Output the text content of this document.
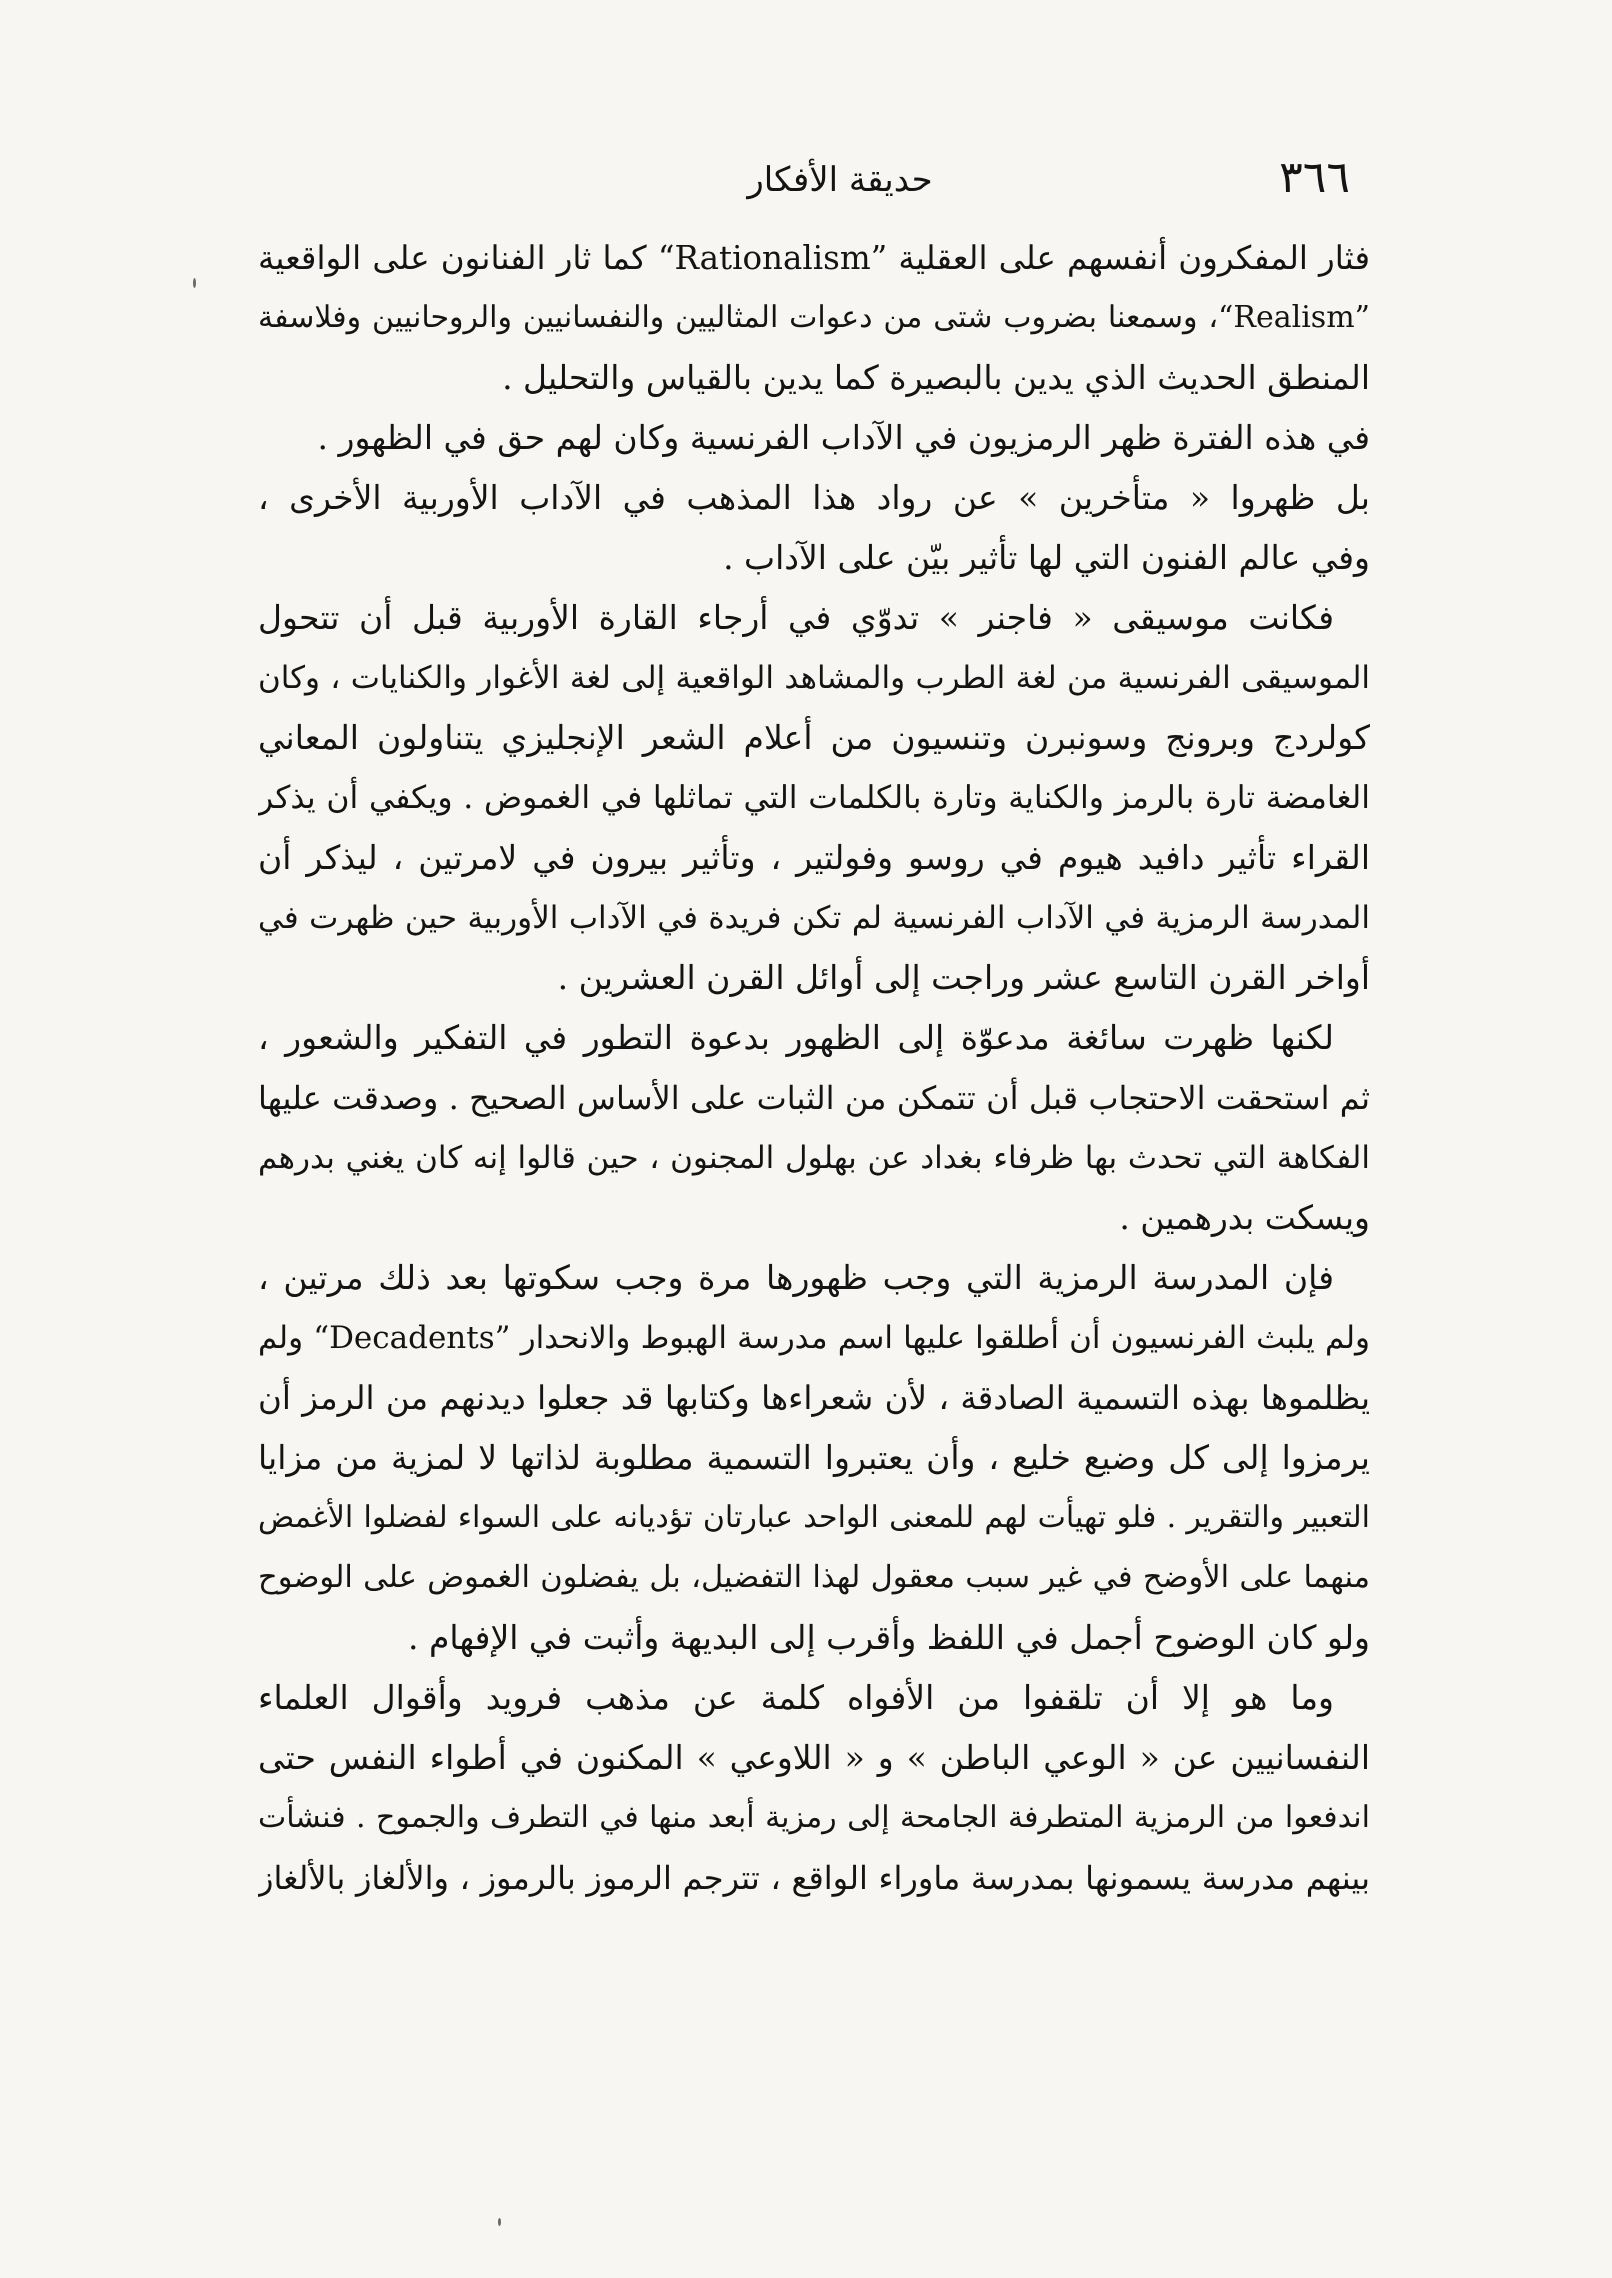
٣٦٦
حديقة الأفكار
فثار المفكرون أنفسهم على العقلية ”Rationalism“ كما ثار الفنانون على الواقعية
”Realism“، وسمعنا بضروب شتى من دعوات المثاليين والنفسانيين والروحانيين وفلاسفة
المنطق الحديث الذي يدين بالبصيرة كما يدين بالقياس والتحليل .
في هذه الفترة ظهر الرمزيون في الآداب الفرنسية وكان لهم حق في الظهور .
بل ظهروا « متأخرين » عن رواد هذا المذهب في الآداب الأوربية الأخرى ،
وفي عالم الفنون التي لها تأثير بيّن على الآداب .
فكانت موسيقى « فاجنر » تدوّي في أرجاء القارة الأوربية قبل أن تتحول
الموسيقى الفرنسية من لغة الطرب والمشاهد الواقعية إلى لغة الأغوار والكنايات ، وكان
كولردج وبرونج وسونبرن وتنسيون من أعلام الشعر الإنجليزي يتناولون المعاني
الغامضة تارة بالرمز والكناية وتارة بالكلمات التي تماثلها في الغموض . ويكفي أن يذكر
القراء تأثير دافيد هيوم في روسو وفولتير ، وتأثير بيرون في لامرتين ، ليذكر أن
المدرسة الرمزية في الآداب الفرنسية لم تكن فريدة في الآداب الأوربية حين ظهرت في
أواخر القرن التاسع عشر وراجت إلى أوائل القرن العشرين .
لكنها ظهرت سائغة مدعوّة إلى الظهور بدعوة التطور في التفكير والشعور ،
ثم استحقت الاحتجاب قبل أن تتمكن من الثبات على الأساس الصحيح . وصدقت عليها
الفكاهة التي تحدث بها ظرفاء بغداد عن بهلول المجنون ، حين قالوا إنه كان يغني بدرهم
ويسكت بدرهمين .
فإن المدرسة الرمزية التي وجب ظهورها مرة وجب سكوتها بعد ذلك مرتين ،
ولم يلبث الفرنسيون أن أطلقوا عليها اسم مدرسة الهبوط والانحدار ”Decadents“ ولم
يظلموها بهذه التسمية الصادقة ، لأن شعراءها وكتابها قد جعلوا ديدنهم من الرمز أن
يرمزوا إلى كل وضيع خليع ، وأن يعتبروا التسمية مطلوبة لذاتها لا لمزية من مزايا
التعبير والتقرير . فلو تهيأت لهم للمعنى الواحد عبارتان تؤديانه على السواء لفضلوا الأغمض
منهما على الأوضح في غير سبب معقول لهذا التفضيل، بل يفضلون الغموض على الوضوح
ولو كان الوضوح أجمل في اللفظ وأقرب إلى البديهة وأثبت في الإفهام .
وما هو إلا أن تلقفوا من الأفواه كلمة عن مذهب فرويد وأقوال العلماء
النفسانيين عن « الوعي الباطن » و « اللاوعي » المكنون في أطواء النفس حتى
اندفعوا من الرمزية المتطرفة الجامحة إلى رمزية أبعد منها في التطرف والجموح . فنشأت
بينهم مدرسة يسمونها بمدرسة ماوراء الواقع ، تترجم الرموز بالرموز ، والألغاز بالألغاز
